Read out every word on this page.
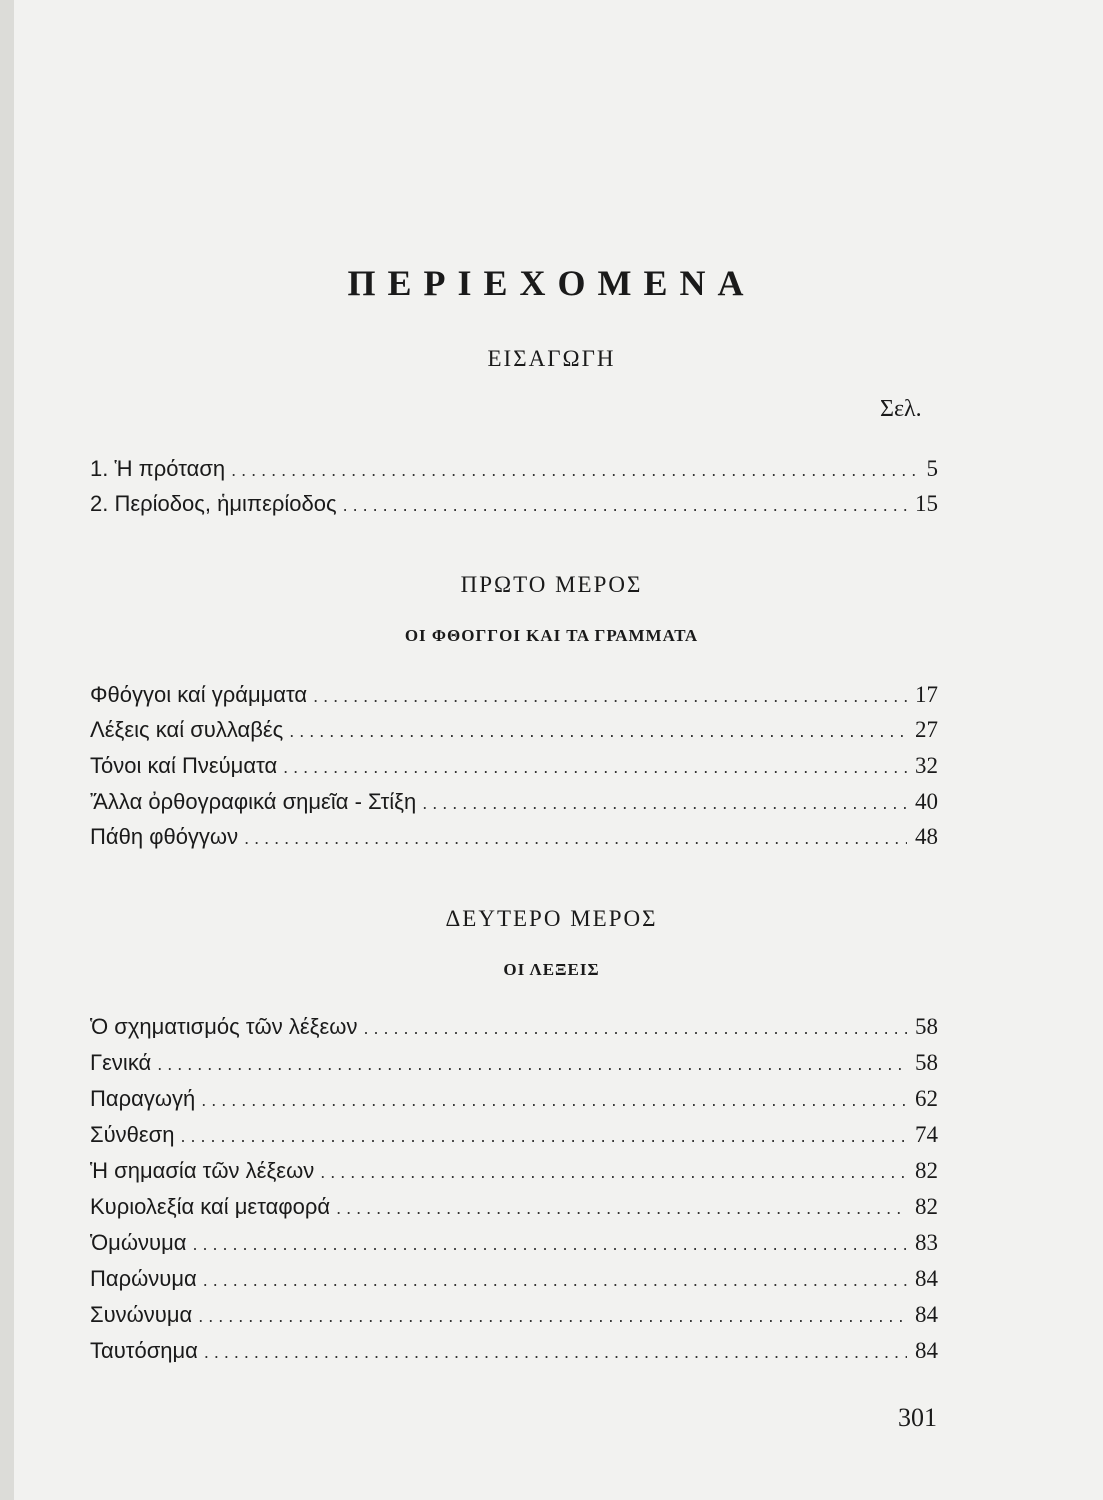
ΠΕΡΙΕΧΟΜΕΝΑ
ΕΙΣΑΓΩΓΗ
Σελ.
1. Ἡ πρόταση . . .	5
2. Περίοδος, ἡμιπερίοδος . . .	15
ΠΡΩΤΟ ΜΕΡΟΣ
ΟΙ ΦΘΟΓΓΟΙ ΚΑΙ ΤΑ ΓΡΑΜΜΑΤΑ
Φθόγγοι καί γράμματα . . .	17
Λέξεις καί συλλαβές . . .	27
Τόνοι καί Πνεύματα . . .	32
Ἄλλα ὀρθογραφικά σημεῖα - Στίξη . . .	40
Πάθη φθόγγων . . .	48
ΔΕΥΤΕΡΟ ΜΕΡΟΣ
ΟΙ ΛΕΞΕΙΣ
Ὁ σχηματισμός τῶν λέξεων . . .	58
Γενικά . . .	58
Παραγωγή . . .	62
Σύνθεση . . .	74
Ἡ σημασία τῶν λέξεων . . .	82
Κυριολεξία καί μεταφορά . . .	82
Ὁμώνυμα . . .	83
Παρώνυμα . . .	84
Συνώνυμα . . .	84
Ταυτόσημα . . .	84
301
